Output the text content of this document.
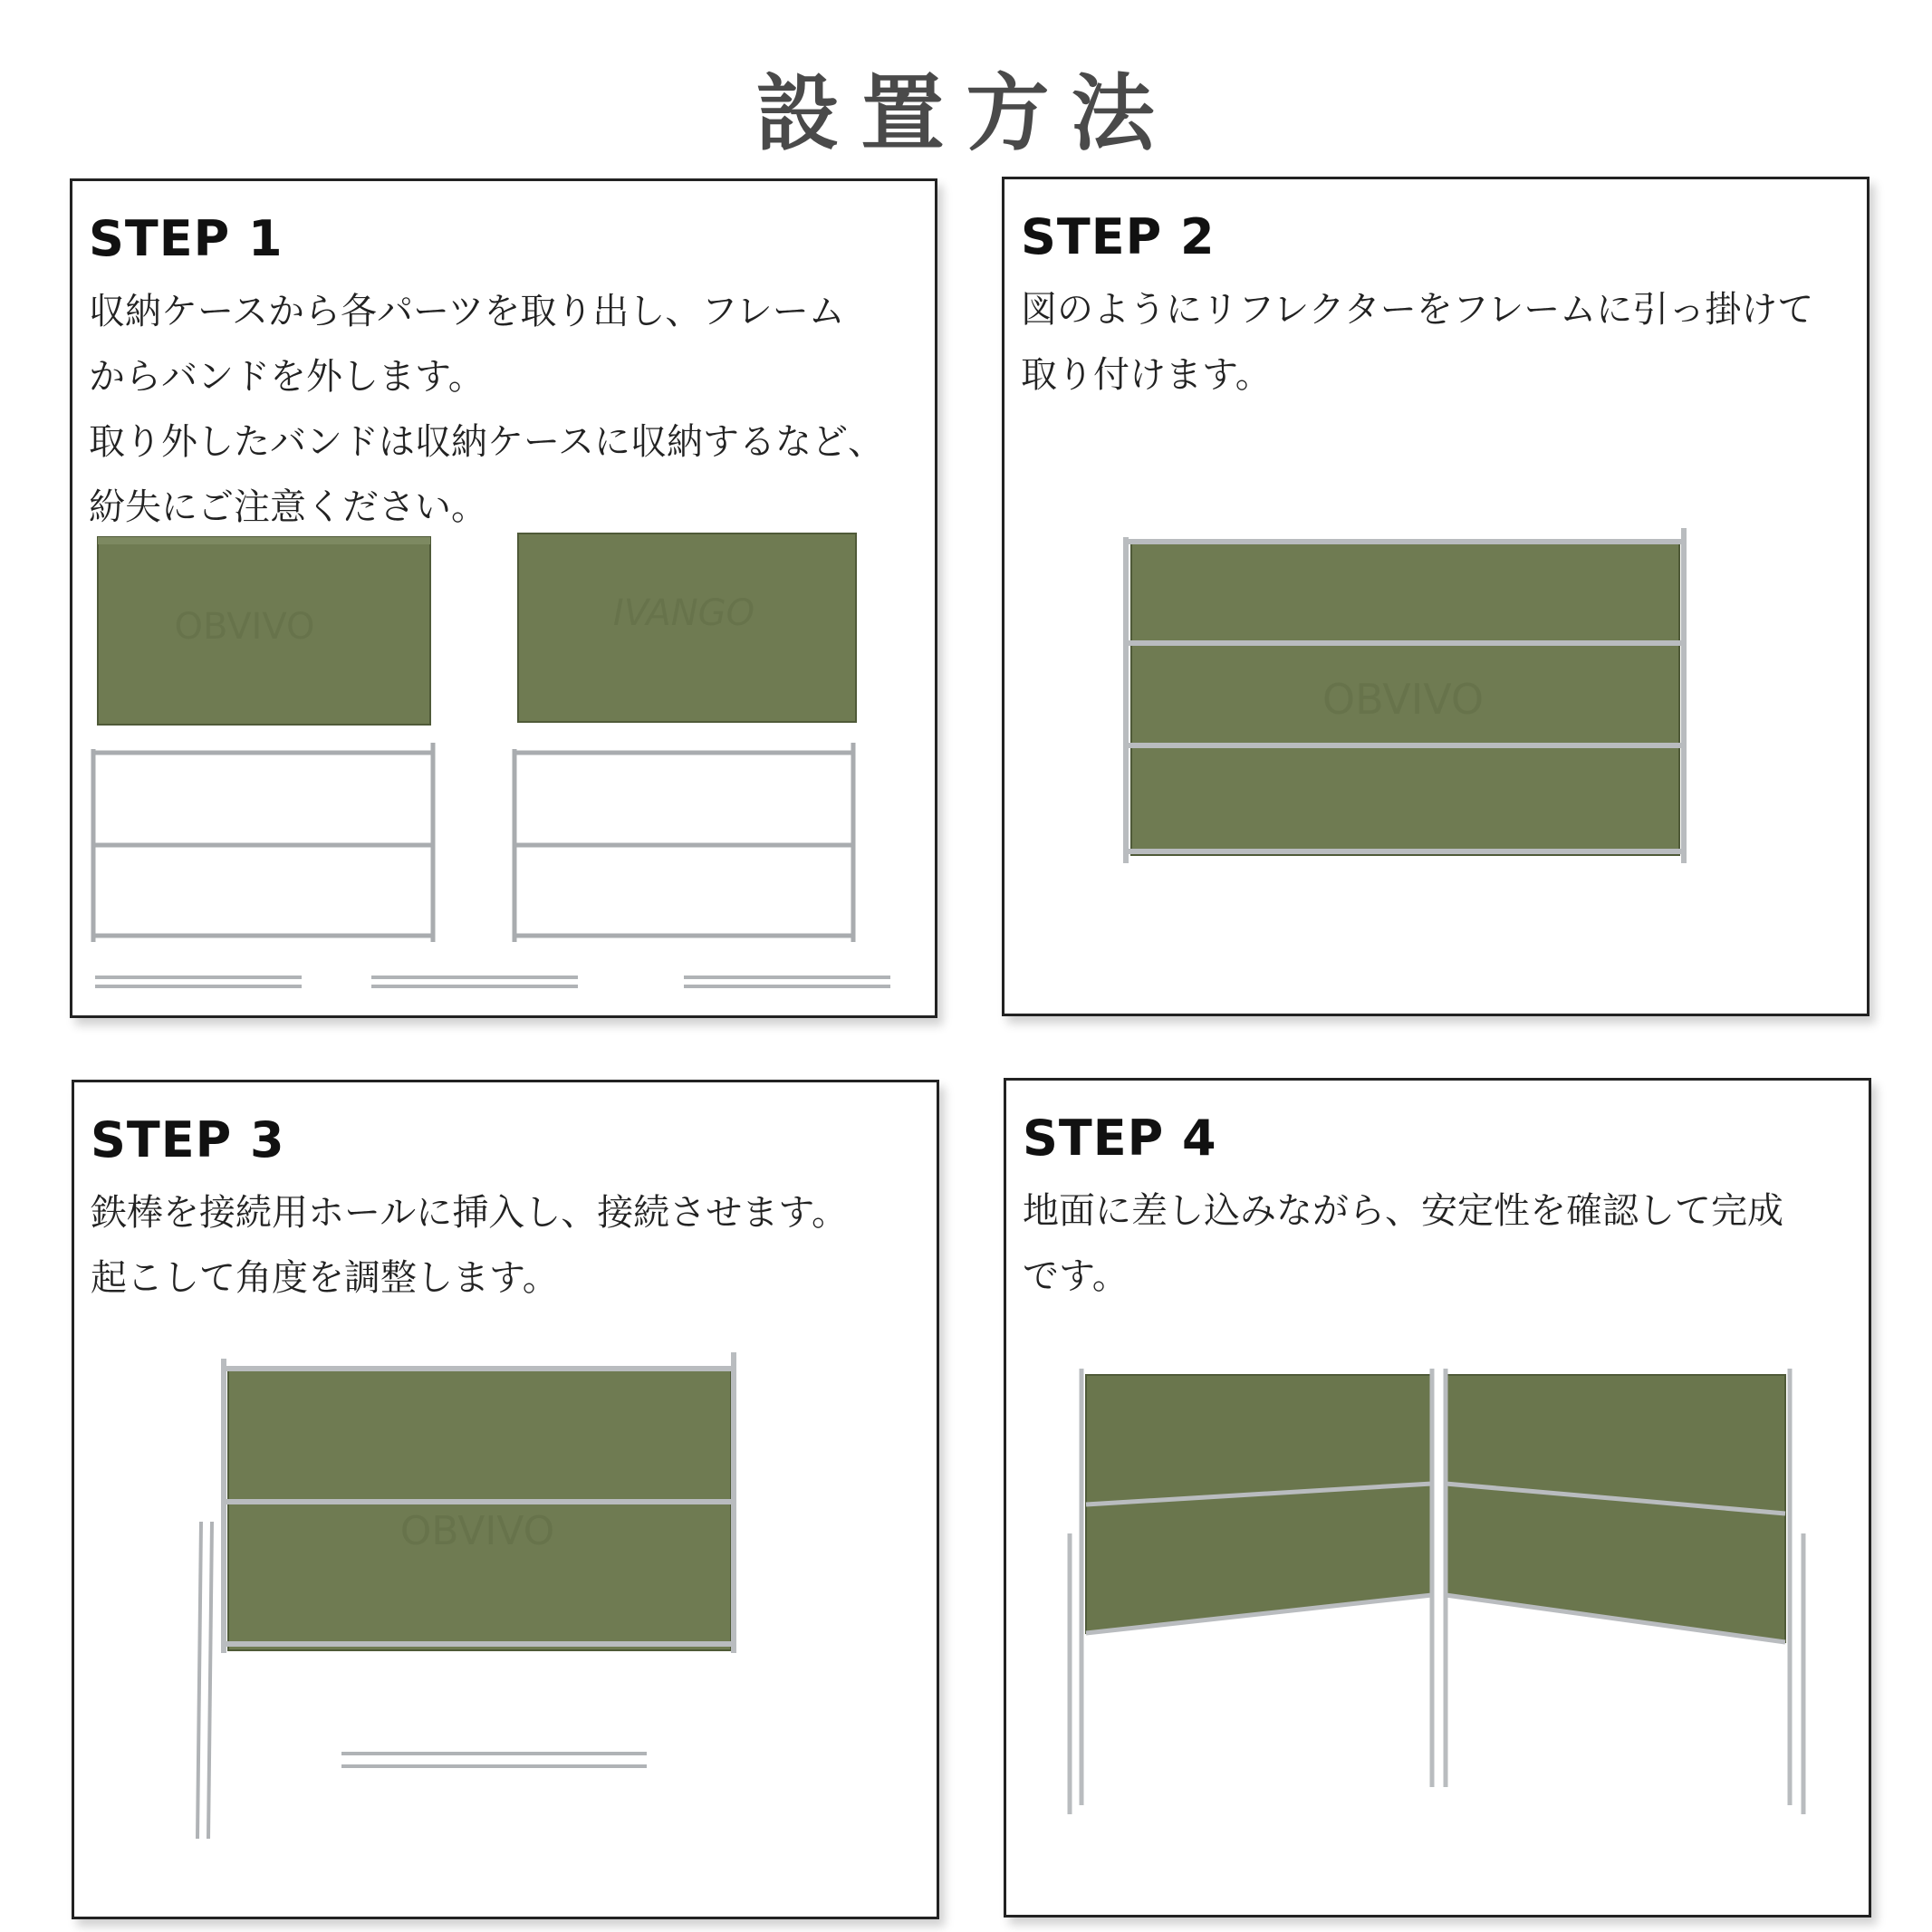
設置方法
STEP 1

収納ケースから各パーツを取り出し、フレーム

からバンドを外します。

取り外したバンドは収納ケースに収納するなど、

紛失にご注意ください。

OBVIVO	IVANGO
STEP 2

図のようにリフレクターをフレームに引っ掛けて

取り付けます。

OBVIVO
STEP 3

鉄棒を接続用ホールに挿入し、接続させます。

起こして角度を調整します。

OBVIVO
STEP 4

地面に差し込みながら、安定性を確認して完成

です。
